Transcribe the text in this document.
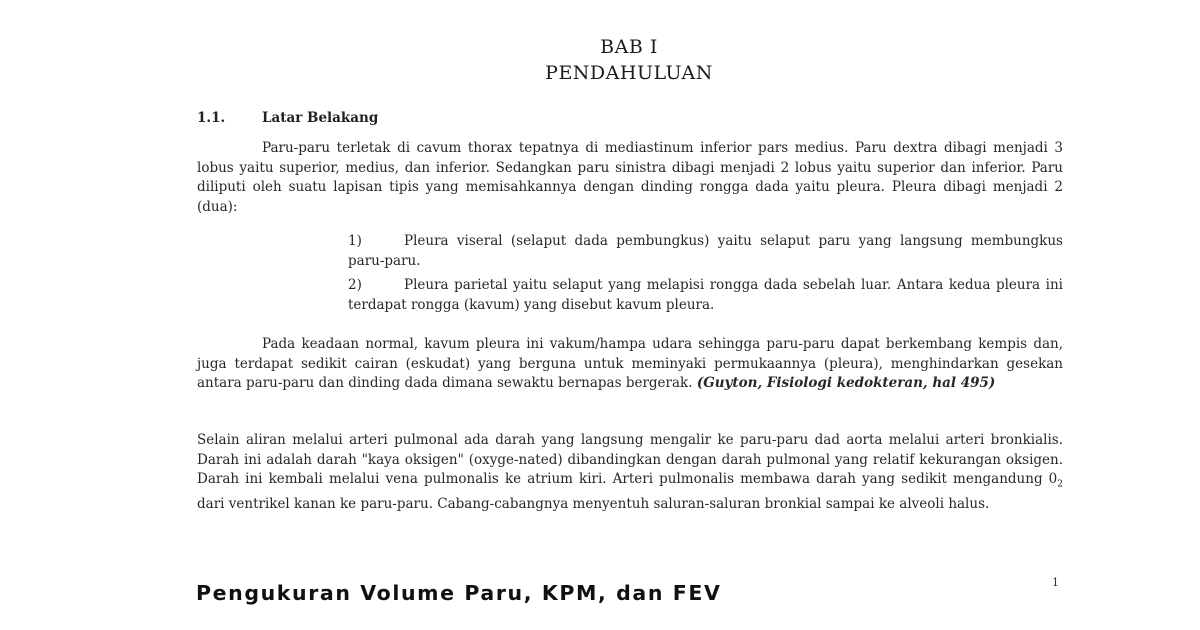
BAB I
PENDAHULUAN
1.1.	Latar Belakang

Paru-paru terletak di cavum thorax tepatnya di mediastinum inferior pars medius. Paru dextra dibagi menjadi 3 lobus yaitu superior, medius, dan inferior. Sedangkan paru sinistra dibagi menjadi 2 lobus yaitu superior dan inferior. Paru diliputi oleh suatu lapisan tipis yang memisahkannya dengan dinding rongga dada yaitu pleura. Pleura dibagi menjadi 2 (dua):

1)	Pleura viseral (selaput dada pembungkus) yaitu selaput paru yang langsung membungkus paru-paru.
2)	Pleura parietal yaitu selaput yang melapisi rongga dada sebelah luar. Antara kedua pleura ini terdapat rongga (kavum) yang disebut kavum pleura.

Pada keadaan normal, kavum pleura ini vakum/hampa udara sehingga paru-paru dapat berkembang kempis dan, juga terdapat sedikit cairan (eskudat) yang berguna untuk meminyaki permukaannya (pleura), menghindarkan gesekan antara paru-paru dan dinding dada dimana sewaktu bernapas bergerak. (Guyton, Fisiologi kedokteran, hal 495)

Selain aliran melalui arteri pulmonal ada darah yang langsung mengalir ke paru-paru dad aorta melalui arteri bronkialis. Darah ini adalah darah "kaya oksigen" (oxyge-nated) dibandingkan dengan darah pulmonal yang relatif kekurangan oksigen. Darah ini kembali melalui vena pulmonalis ke atrium kiri. Arteri pulmonalis membawa darah yang sedikit mengandung $0_2$ dari ventrikel kanan ke paru-paru. Cabang-cabangnya menyentuh saluran-saluran bronkial sampai ke alveoli halus.

1
Pengukuran Volume Paru, KPM, dan FEV
